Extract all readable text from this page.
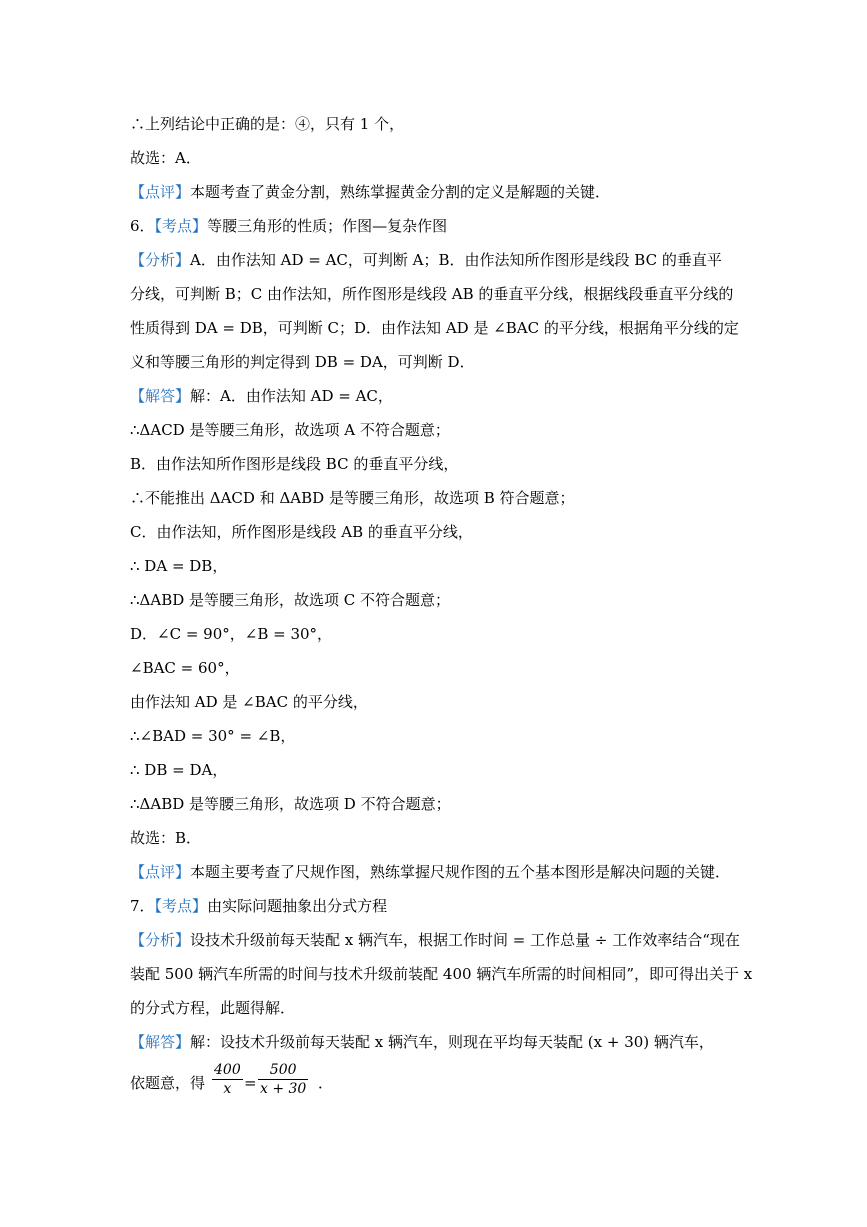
∴上列结论中正确的是：④，只有 1 个，
故选：A．
【点评】本题考查了黄金分割，熟练掌握黄金分割的定义是解题的关键．
6．【考点】等腰三角形的性质；作图—复杂作图
【分析】A．由作法知 AD = AC，可判断 A；B．由作法知所作图形是线段 BC 的垂直平
分线，可判断 B；C 由作法知，所作图形是线段 AB 的垂直平分线，根据线段垂直平分线的
性质得到 DA = DB，可判断 C；D．由作法知 AD 是 ∠BAC 的平分线，根据角平分线的定
义和等腰三角形的判定得到 DB = DA，可判断 D．
【解答】解：A．由作法知 AD = AC，
∴ΔACD 是等腰三角形，故选项 A 不符合题意；
B．由作法知所作图形是线段 BC 的垂直平分线，
∴不能推出 ΔACD 和 ΔABD 是等腰三角形，故选项 B 符合题意；
C．由作法知，所作图形是线段 AB 的垂直平分线，
∴ DA = DB，
∴ΔABD 是等腰三角形，故选项 C 不符合题意；
D．∠C = 90°，∠B = 30°，
∠BAC = 60°，
由作法知 AD 是 ∠BAC 的平分线，
∴∠BAD = 30° = ∠B，
∴ DB = DA，
∴ΔABD 是等腰三角形，故选项 D 不符合题意；
故选：B．
【点评】本题主要考查了尺规作图，熟练掌握尺规作图的五个基本图形是解决问题的关键．
7．【考点】由实际问题抽象出分式方程
【分析】设技术升级前每天装配 x 辆汽车，根据工作时间 = 工作总量 ÷ 工作效率结合“现在
装配 500 辆汽车所需的时间与技术升级前装配 400 辆汽车所需的时间相同”，即可得出关于 x
的分式方程，此题得解．
【解答】解：设技术升级前每天装配 x 辆汽车，则现在平均每天装配 (x + 30) 辆汽车，
依题意，得
400
x =
500
x + 30 ．
